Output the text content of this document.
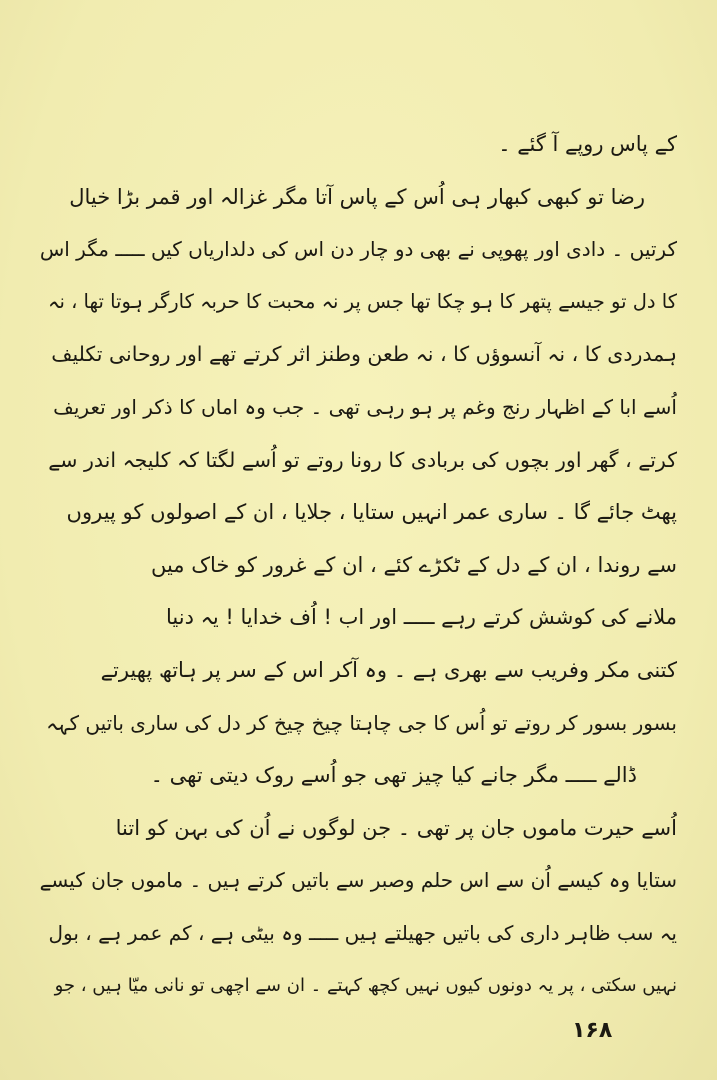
کے پاس روپے آ گئے ۔
رضا تو کبھی کبھار ہی اُس کے پاس آتا مگر غزالہ اور قمر بڑا خیال
کرتیں ۔ دادی اور پھوپی نے بھی دو چار دن اس کی دلداریاں کیں ـــــ مگر اس
کا دل تو جیسے پتھر کا ہو چکا تھا جس پر نہ محبت کا حربہ کارگر ہوتا تھا ، نہ
ہمدردی کا ، نہ آنسوؤں کا ، نہ طعن وطنز اثر کرتے تھے اور روحانی تکلیف
اُسے ابا کے اظہار رنج وغم پر ہو رہی تھی ۔ جب وہ اماں کا ذکر اور تعریف
کرتے ، گھر اور بچوں کی بربادی کا رونا روتے تو اُسے لگتا کہ کلیجہ اندر سے
پھٹ جائے گا ۔ ساری عمر انہیں ستایا ، جلایا ، ان کے اصولوں کو پیروں
سے روندا ، ان کے دل کے ٹکڑے کئے ، ان کے غرور کو خاک میں
ملانے کی کوشش کرتے رہے ـــــ اور اب ! اُف خدایا ! یہ دنیا
کتنی مکر وفریب سے بھری ہے ۔ وہ آکر اس کے سر پر ہاتھ پھیرتے
بسور بسور کر روتے تو اُس کا جی چاہتا چیخ چیخ کر دل کی ساری باتیں کہہ
ڈالے ـــــ مگر جانے کیا چیز تھی جو اُسے روک دیتی تھی ۔
اُسے حیرت ماموں جان پر تھی ۔ جن لوگوں نے اُن کی بہن کو اتنا
ستایا وہ کیسے اُن سے اس حلم وصبر سے باتیں کرتے ہیں ۔ ماموں جان کیسے
یہ سب ظاہر داری کی باتیں جھیلتے ہیں ـــــ وہ بیٹی ہے ، کم عمر ہے ، بول
نہیں سکتی ، پر یہ دونوں کیوں نہیں کچھ کہتے ۔ ان سے اچھی تو نانی میّا ہیں ، جو
۱۶۸
